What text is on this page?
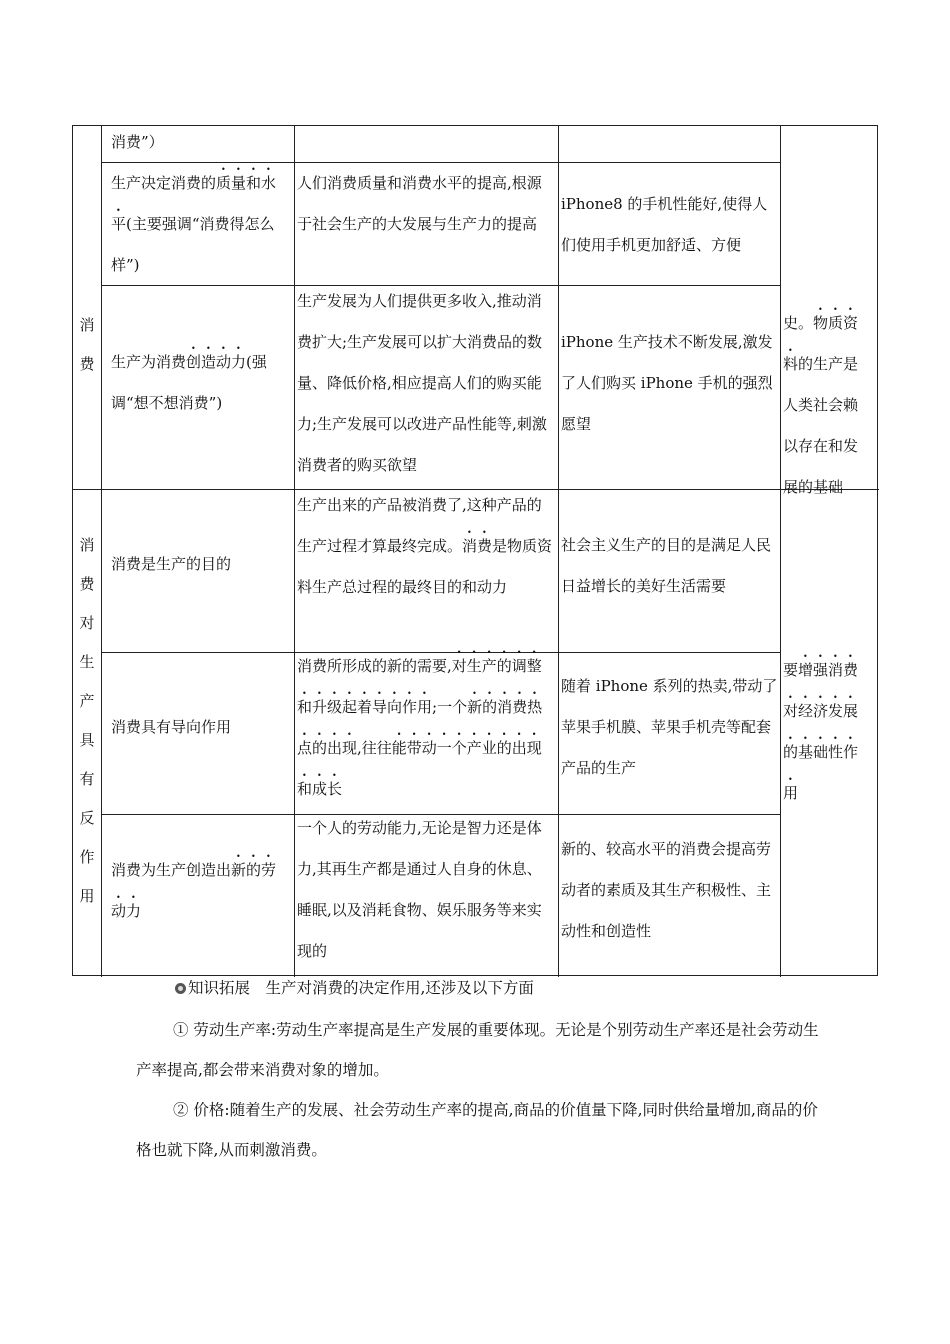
消
费
消
费
对
生
产
具
有
反
作
用
消费”）
生产决定消费的质量和水平(主要强调“消费得怎么样”)
人们消费质量和消费水平的提高,根源于社会生产的大发展与生产力的提高
iPhone8 的手机性能好,使得人们使用手机更加舒适、方便
生产为消费创造动力(强调“想不想消费”)
生产发展为人们提供更多收入,推动消费扩大;生产发展可以扩大消费品的数量、降低价格,相应提高人们的购买能力;生产发展可以改进产品性能等,刺激消费者的购买欲望
iPhone 生产技术不断发展,激发了人们购买 iPhone 手机的强烈愿望
消费是生产的目的
生产出来的产品被消费了,这种产品的生产过程才算最终完成。消费是物质资料生产总过程的最终目的和动力
社会主义生产的目的是满足人民日益增长的美好生活需要
消费具有导向作用
消费所形成的新的需要,对生产的调整和升级起着导向作用;一个新的消费热点的出现,往往能带动一个产业的出现和成长
随着 iPhone 系列的热卖,带动了苹果手机膜、苹果手机壳等配套产品的生产
消费为生产创造出新的劳动力
一个人的劳动能力,无论是智力还是体力,其再生产都是通过人自身的休息、睡眠,以及消耗食物、娱乐服务等来实现的
新的、较高水平的消费会提高劳动者的素质及其生产积极性、主动性和创造性
史。物质资料的生产是人类社会赖以存在和发展的基础
要增强消费对经济发展的基础性作用
知识拓展　生产对消费的决定作用,还涉及以下方面
① 劳动生产率:劳动生产率提高是生产发展的重要体现。无论是个别劳动生产率还是社会劳动生产率提高,都会带来消费对象的增加。
② 价格:随着生产的发展、社会劳动生产率的提高,商品的价值量下降,同时供给量增加,商品的价格也就下降,从而刺激消费。
